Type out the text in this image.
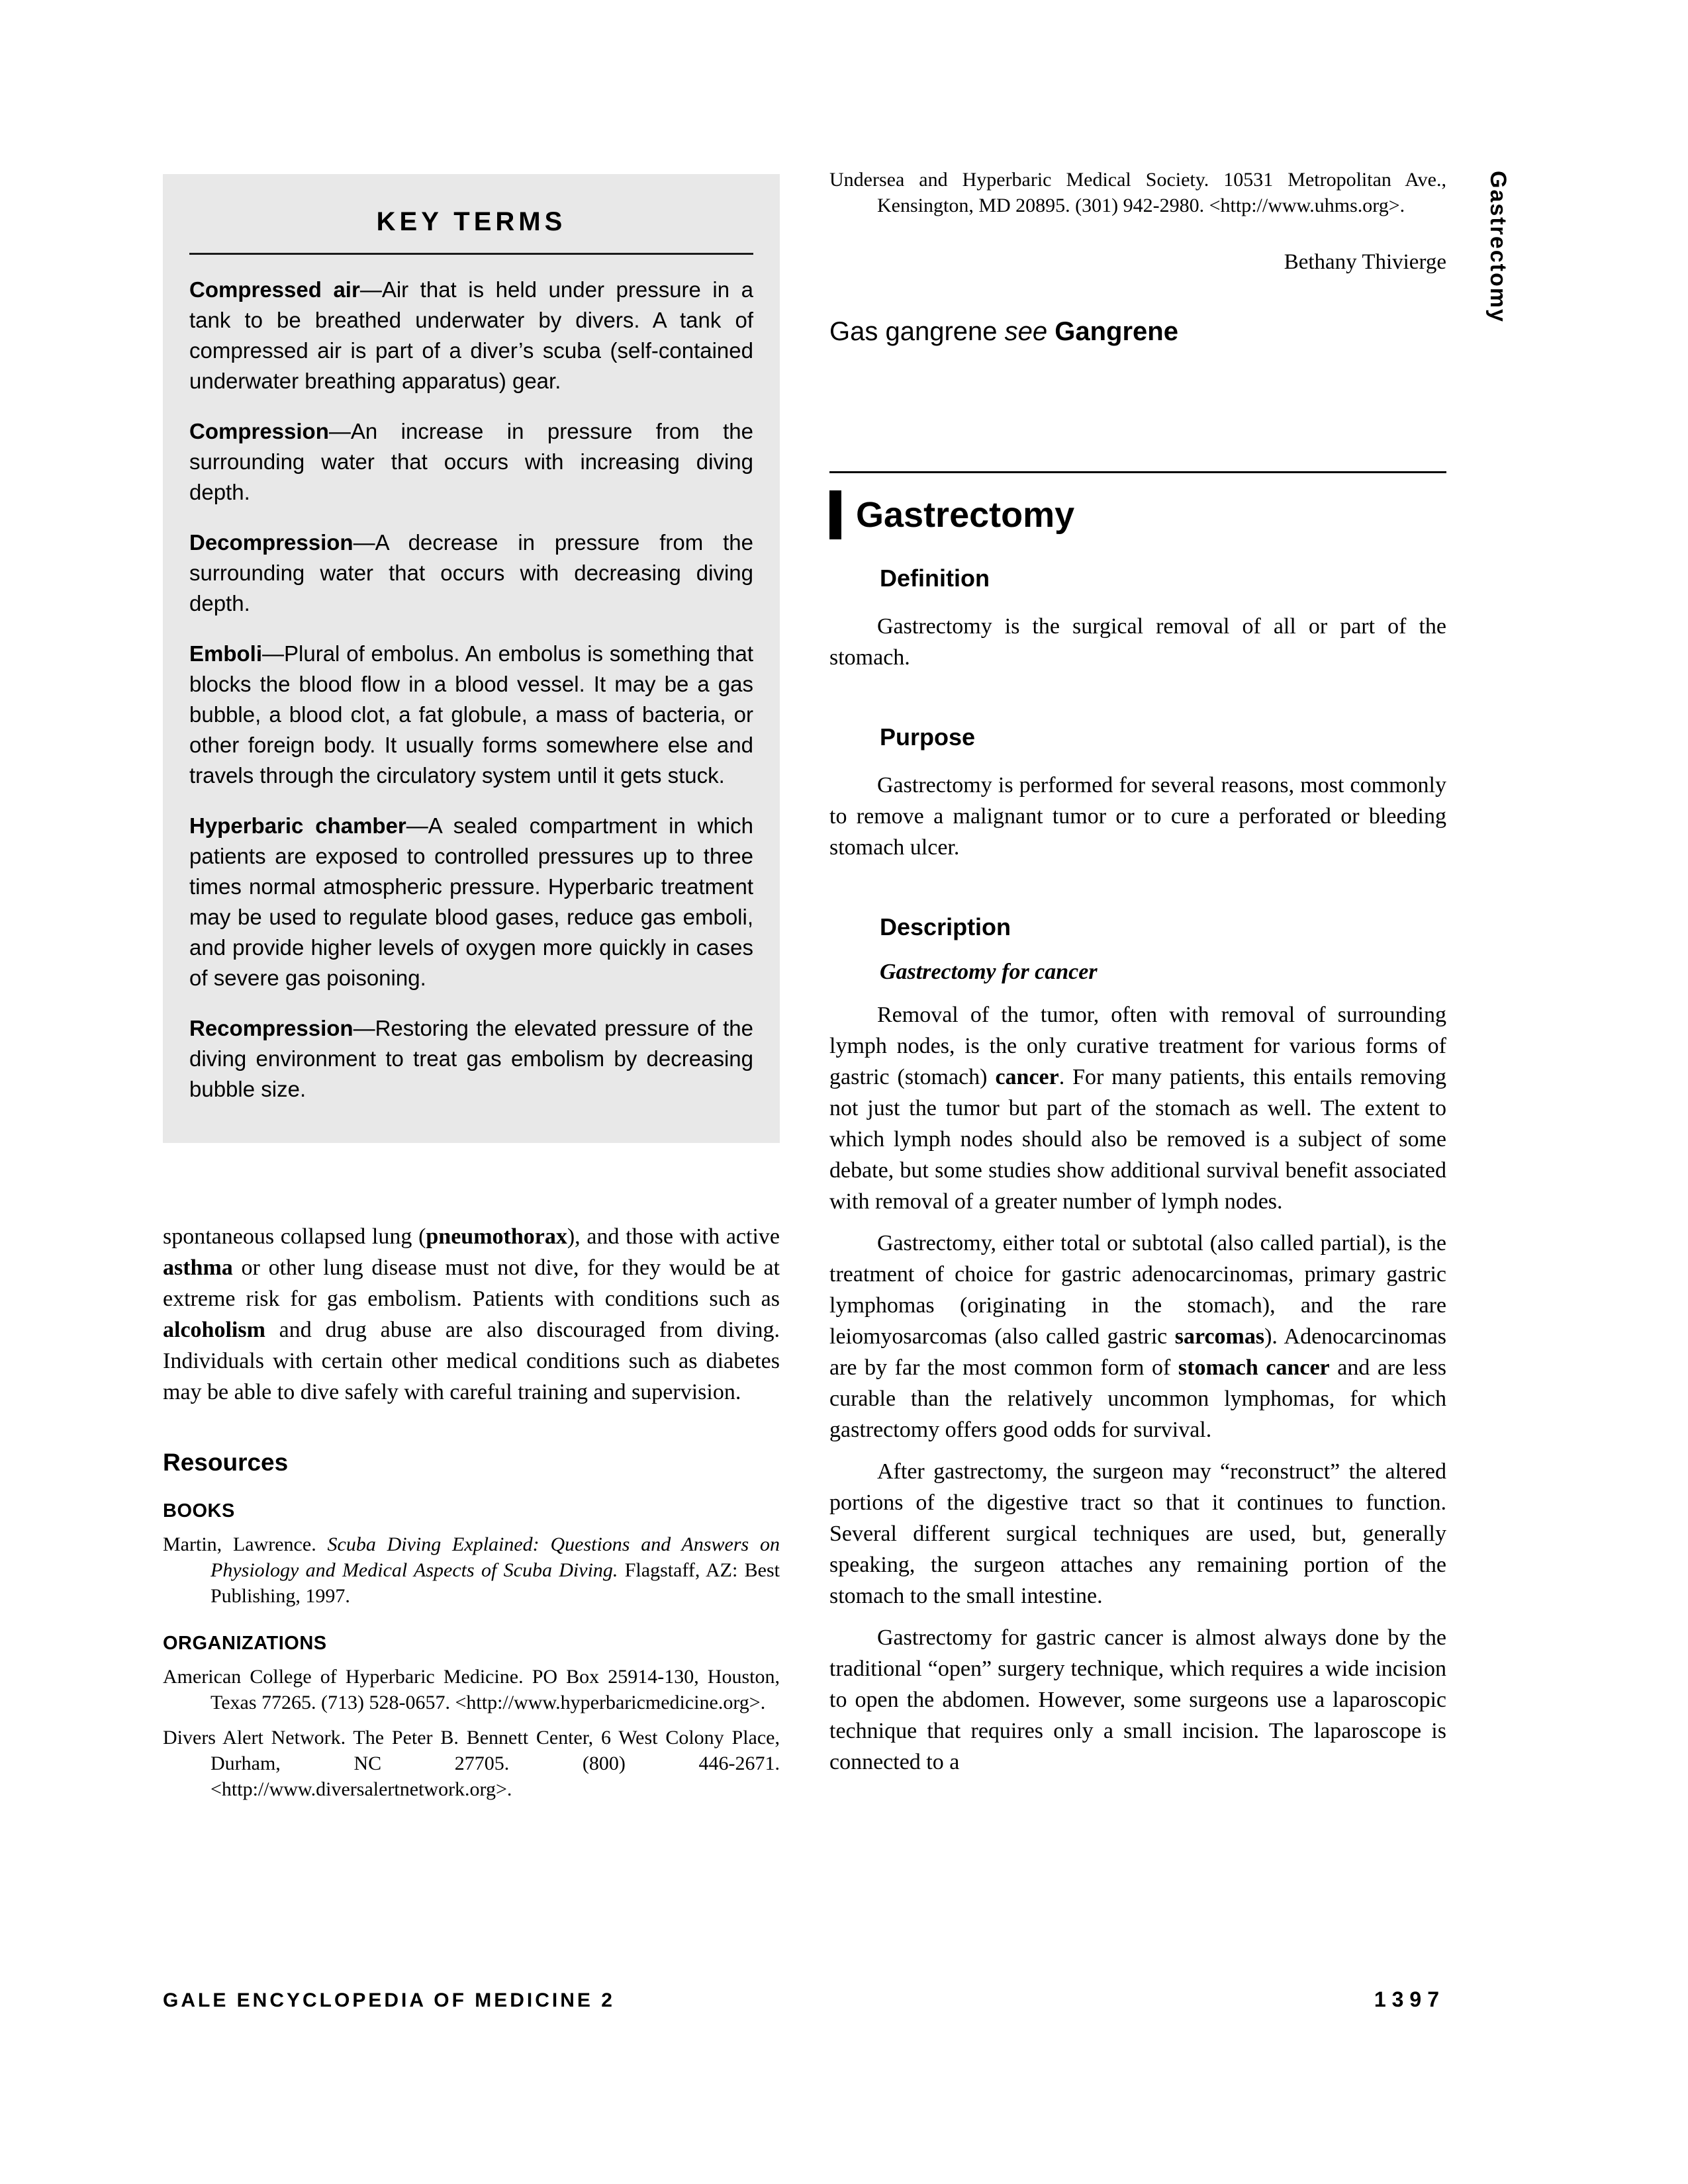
KEY TERMS

Compressed air—Air that is held under pressure in a tank to be breathed underwater by divers. A tank of compressed air is part of a diver’s scuba (self-contained underwater breathing apparatus) gear.

Compression—An increase in pressure from the surrounding water that occurs with increasing diving depth.

Decompression—A decrease in pressure from the surrounding water that occurs with decreasing diving depth.

Emboli—Plural of embolus. An embolus is something that blocks the blood flow in a blood vessel. It may be a gas bubble, a blood clot, a fat globule, a mass of bacteria, or other foreign body. It usually forms somewhere else and travels through the circulatory system until it gets stuck.

Hyperbaric chamber—A sealed compartment in which patients are exposed to controlled pressures up to three times normal atmospheric pressure. Hyperbaric treatment may be used to regulate blood gases, reduce gas emboli, and provide higher levels of oxygen more quickly in cases of severe gas poisoning.

Recompression—Restoring the elevated pressure of the diving environment to treat gas embolism by decreasing bubble size.

spontaneous collapsed lung (pneumothorax), and those with active asthma or other lung disease must not dive, for they would be at extreme risk for gas embolism. Patients with conditions such as alcoholism and drug abuse are also discouraged from diving. Individuals with certain other medical conditions such as diabetes may be able to dive safely with careful training and supervision.

Resources
BOOKS

Martin, Lawrence. Scuba Diving Explained: Questions and Answers on Physiology and Medical Aspects of Scuba Diving. Flagstaff, AZ: Best Publishing, 1997.

ORGANIZATIONS

American College of Hyperbaric Medicine. PO Box 25914-130, Houston, Texas 77265. (713) 528-0657. <http://www.hyperbaricmedicine.org>.

Divers Alert Network. The Peter B. Bennett Center, 6 West Colony Place, Durham, NC 27705. (800) 446-2671. <http://www.diversalertnetwork.org>.

Undersea and Hyperbaric Medical Society. 10531 Metropolitan Ave., Kensington, MD 20895. (301) 942-2980. <http://www.uhms.org>.

Bethany Thivierge

Gas gangrene see Gangrene

Gastrectomy
Definition

Gastrectomy is the surgical removal of all or part of the stomach.

Purpose

Gastrectomy is performed for several reasons, most commonly to remove a malignant tumor or to cure a perforated or bleeding stomach ulcer.

Description
Gastrectomy for cancer

Removal of the tumor, often with removal of surrounding lymph nodes, is the only curative treatment for various forms of gastric (stomach) cancer. For many patients, this entails removing not just the tumor but part of the stomach as well. The extent to which lymph nodes should also be removed is a subject of some debate, but some studies show additional survival benefit associated with removal of a greater number of lymph nodes.

Gastrectomy, either total or subtotal (also called partial), is the treatment of choice for gastric adenocarcinomas, primary gastric lymphomas (originating in the stomach), and the rare leiomyosarcomas (also called gastric sarcomas). Adenocarcinomas are by far the most common form of stomach cancer and are less curable than the relatively uncommon lymphomas, for which gastrectomy offers good odds for survival.

After gastrectomy, the surgeon may “reconstruct” the altered portions of the digestive tract so that it continues to function. Several different surgical techniques are used, but, generally speaking, the surgeon attaches any remaining portion of the stomach to the small intestine.

Gastrectomy for gastric cancer is almost always done by the traditional “open” surgery technique, which requires a wide incision to open the abdomen. However, some surgeons use a laparoscopic technique that requires only a small incision. The laparoscope is connected to a

Gastrectomy
GALE ENCYCLOPEDIA OF MEDICINE 2	1397
